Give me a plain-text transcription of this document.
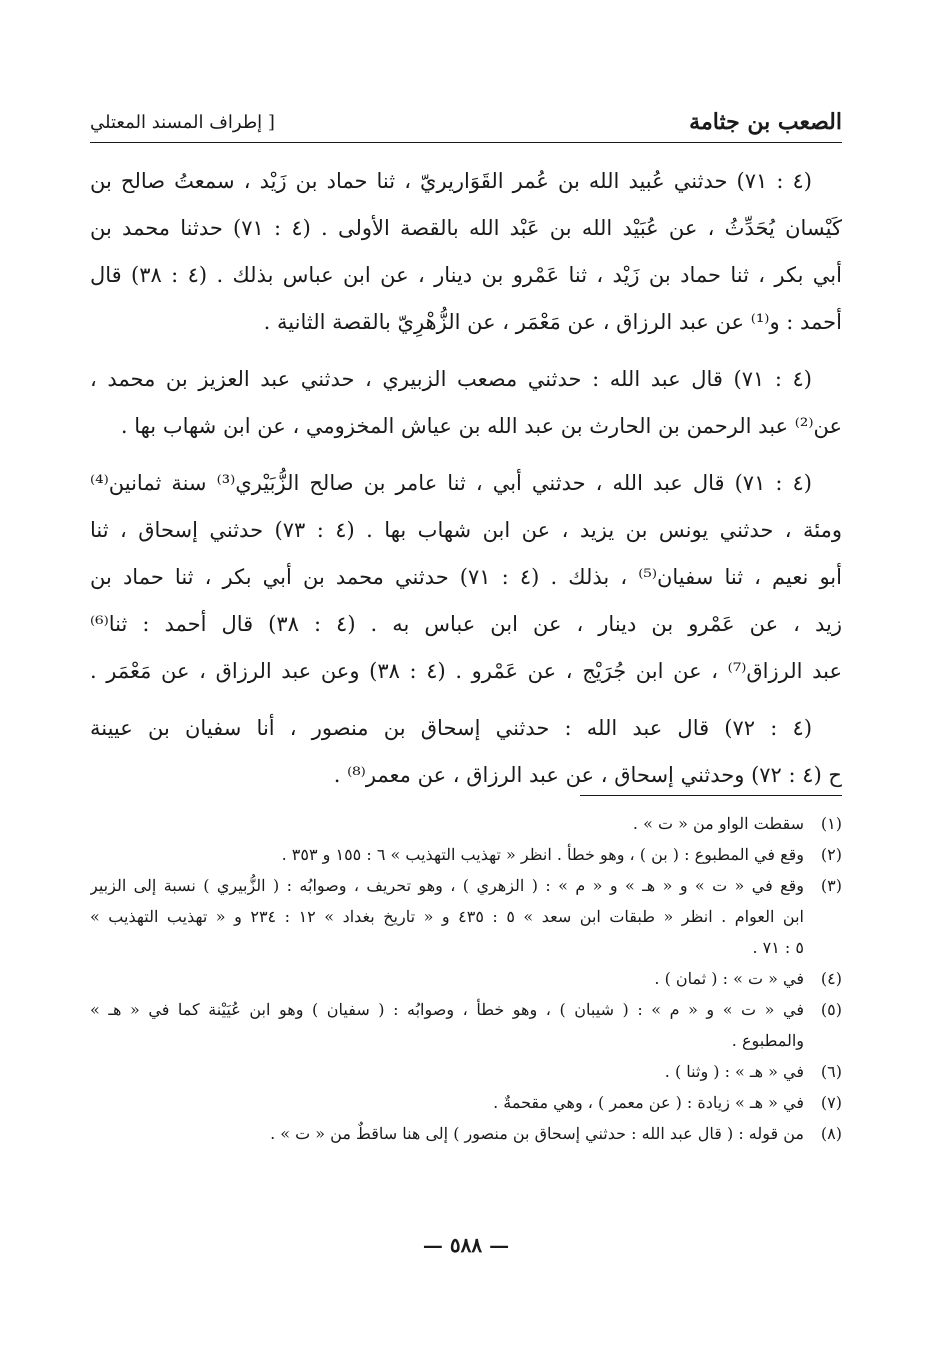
الصعب بن جثامة
[ إطراف المسند المعتلي

(٤ : ٧١) حدثني عُبيد الله بن عُمر القَوَاريريّ ، ثنا حماد بن زَيْد ، سمعتُ صالح بن
كَيْسان يُحَدِّثُ ، عن عُبَيْد الله بن عَبْد الله بالقصة الأولى . (٤ : ٧١) حدثنا محمد بن
أبي بكر ، ثنا حماد بن زَيْد ، ثنا عَمْرو بن دينار ، عن ابن عباس بذلك . (٤ : ٣٨) قال
أحمد : و⁽¹⁾ عن عبد الرزاق ، عن مَعْمَر ، عن الزُّهْرِيّ بالقصة الثانية .

(٤ : ٧١) قال عبد الله : حدثني مصعب الزبيري ، حدثني عبد العزيز بن محمد ،
عن⁽²⁾ عبد الرحمن بن الحارث بن عبد الله بن عياش المخزومي ، عن ابن شهاب بها .

(٤ : ٧١) قال عبد الله ، حدثني أبي ، ثنا عامر بن صالح الزُّبَيْري⁽³⁾ سنة ثمانين⁽⁴⁾
ومئة ، حدثني يونس بن يزيد ، عن ابن شهاب بها . (٤ : ٧٣) حدثني إسحاق ، ثنا
أبو نعيم ، ثنا سفيان⁽⁵⁾ ، بذلك . (٤ : ٧١) حدثني محمد بن أبي بكر ، ثنا حماد بن
زيد ، عن عَمْرو بن دينار ، عن ابن عباس به . (٤ : ٣٨) قال أحمد : ثنا⁽⁶⁾
عبد الرزاق⁽⁷⁾ ، عن ابن جُرَيْج ، عن عَمْرو . (٤ : ٣٨) وعن عبد الرزاق ، عن مَعْمَر .

(٤ : ٧٢) قال عبد الله : حدثني إسحاق بن منصور ، أنا سفيان بن عيينة
ح (٤ : ٧٢) وحدثني إسحاق ، عن عبد الرزاق ، عن معمر⁽⁸⁾ .

(١)
سقطت الواو من « ت » .
(٢)
وقع في المطبوع : ( بن ) ، وهو خطأ . انظر « تهذيب التهذيب » ٦ : ١٥٥ و ٣٥٣ .
(٣)
وقع في « ت » و « هـ » و « م » : ( الزهري ) ، وهو تحريف ، وصوابُه : ( الزُّبيري ) نسبة إلى الزبير
ابن العوام . انظر « طبقات ابن سعد » ٥ : ٤٣٥ و « تاريخ بغداد » ١٢ : ٢٣٤ و « تهذيب التهذيب »
٥ : ٧١ .
(٤)
في « ت » : ( ثمان ) .
(٥)
في « ت » و « م » : ( شيبان ) ، وهو خطأ ، وصوابُه : ( سفيان ) وهو ابن عُيَيْنة كما في « هـ »
والمطبوع .
(٦)
في « هـ » : ( وثنا ) .
(٧)
في « هـ » زيادة : ( عن معمر ) ، وهي مقحمةٌ .
(٨)
من قوله : ( قال عبد الله : حدثني إسحاق بن منصور ) إلى هنا ساقطٌ من « ت » .
— ٥٨٨ —
